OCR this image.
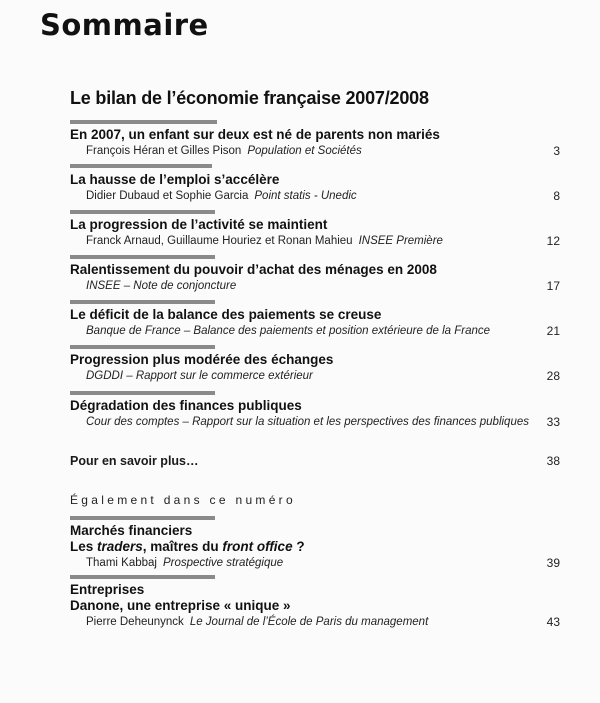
Sommaire
Le bilan de l’économie française 2007/2008
En 2007, un enfant sur deux est né de parents non mariés
François Héran et Gilles Pison Population et Sociétés	3
La hausse de l’emploi s’accélère
Didier Dubaud et Sophie Garcia Point statis - Unedic	8
La progression de l’activité se maintient
Franck Arnaud, Guillaume Houriez et Ronan Mahieu INSEE Première	12
Ralentissement du pouvoir d’achat des ménages en 2008
INSEE – Note de conjoncture	17
Le déficit de la balance des paiements se creuse
Banque de France – Balance des paiements et position extérieure de la France	21
Progression plus modérée des échanges
DGDDI – Rapport sur le commerce extérieur	28
Dégradation des finances publiques
Cour des comptes – Rapport sur la situation et les perspectives des finances publiques 33
Pour en savoir plus…	38
Également dans ce numéro
Marchés financiers
Les traders, maîtres du front office ?
Thami Kabbaj Prospective stratégique	39
Entreprises
Danone, une entreprise « unique »
Pierre Deheunynck Le Journal de l’École de Paris du management	43
